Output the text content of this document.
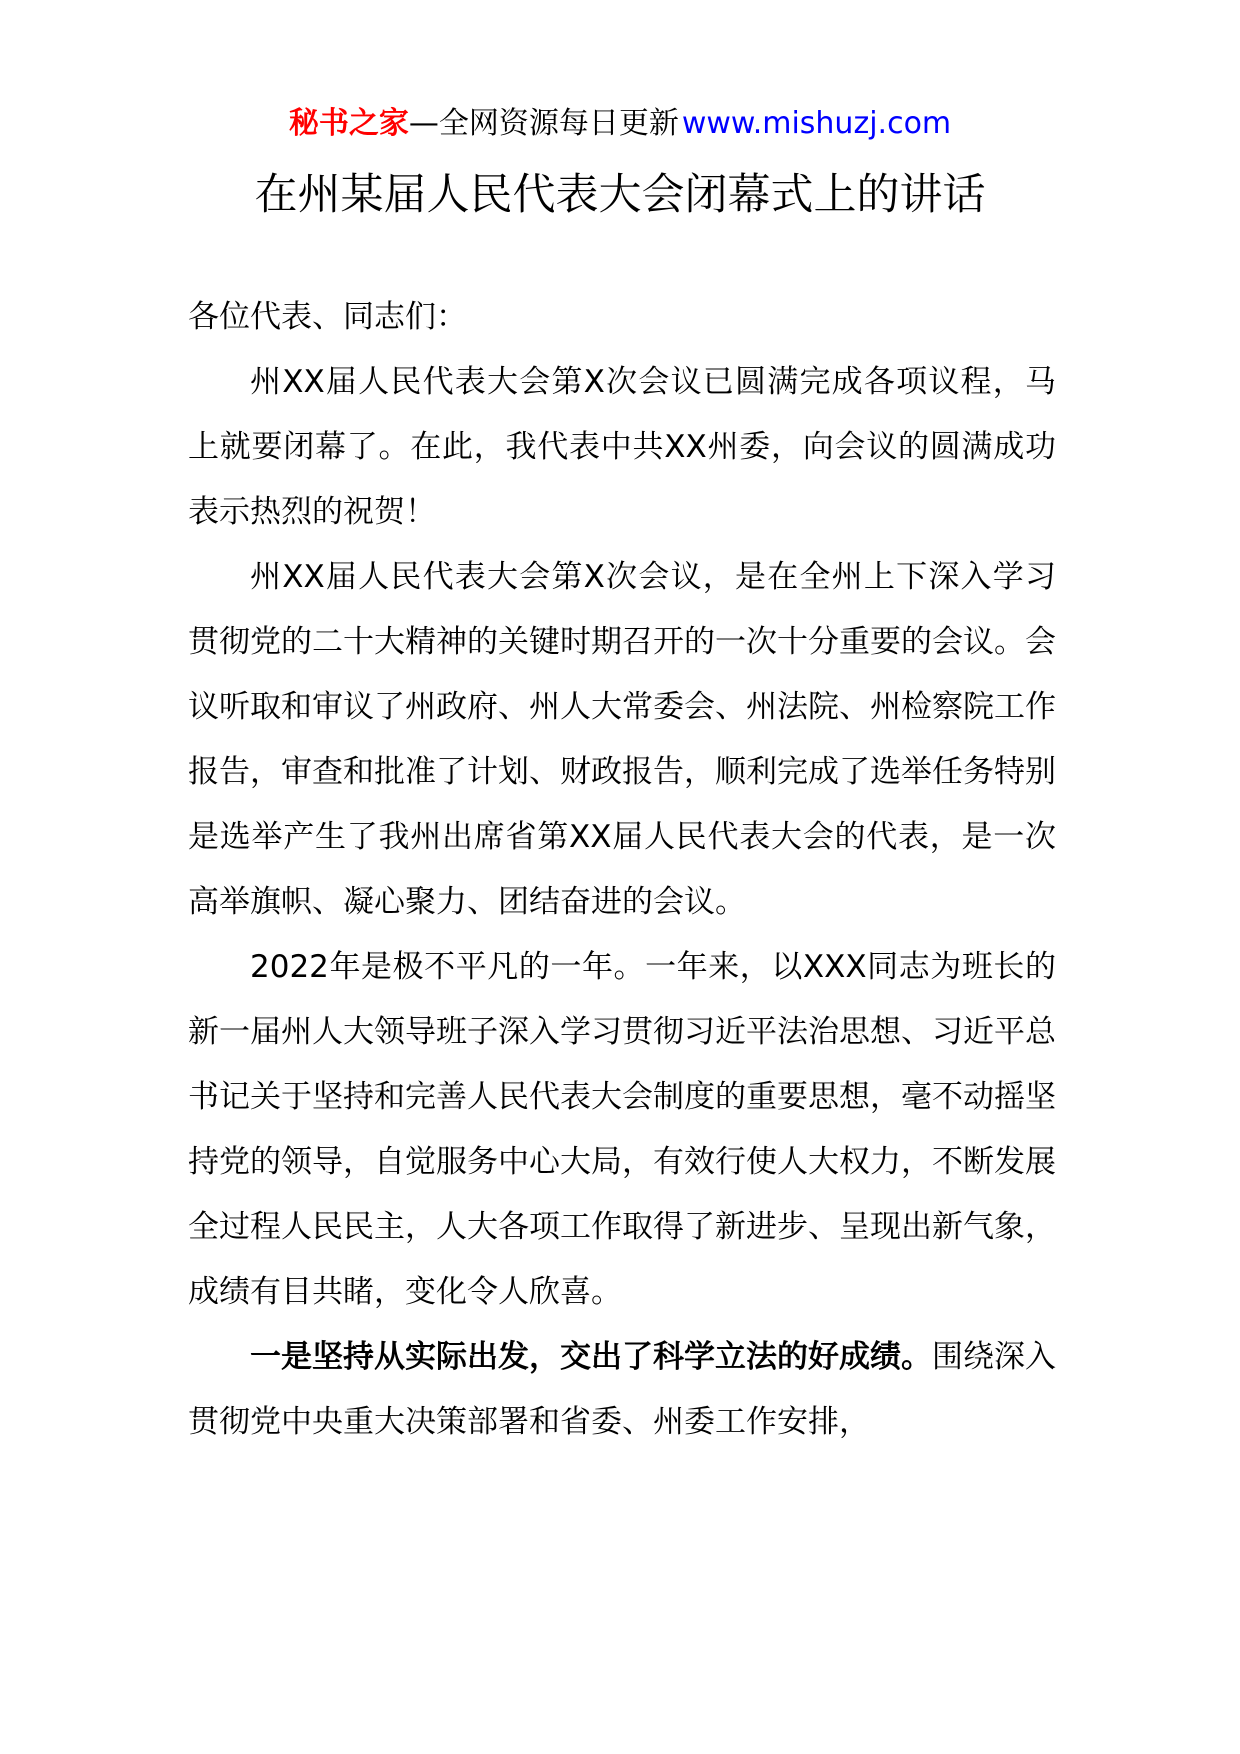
秘书之家—全网资源每日更新  www.mishuzj.com
在州某届人民代表大会闭幕式上的讲话

各位代表、同志们：

州XX届人民代表大会第X次会议已圆满完成各项议程，马上就要闭幕了。在此，我代表中共XX州委，向会议的圆满成功表示热烈的祝贺！

州XX届人民代表大会第X次会议，是在全州上下深入学习贯彻党的二十大精神的关键时期召开的一次十分重要的会议。会议听取和审议了州政府、州人大常委会、州法院、州检察院工作报告，审查和批准了计划、财政报告，顺利完成了选举任务特别是选举产生了我州出席省第XX届人民代表大会的代表，是一次高举旗帜、凝心聚力、团结奋进的会议。

2022年是极不平凡的一年。一年来，以XXX同志为班长的新一届州人大领导班子深入学习贯彻习近平法治思想、习近平总书记关于坚持和完善人民代表大会制度的重要思想，毫不动摇坚持党的领导，自觉服务中心大局，有效行使人大权力，不断发展全过程人民民主，人大各项工作取得了新进步、呈现出新气象，成绩有目共睹，变化令人欣喜。

一是坚持从实际出发，交出了科学立法的好成绩。围绕深入贯彻党中央重大决策部署和省委、州委工作安排，
